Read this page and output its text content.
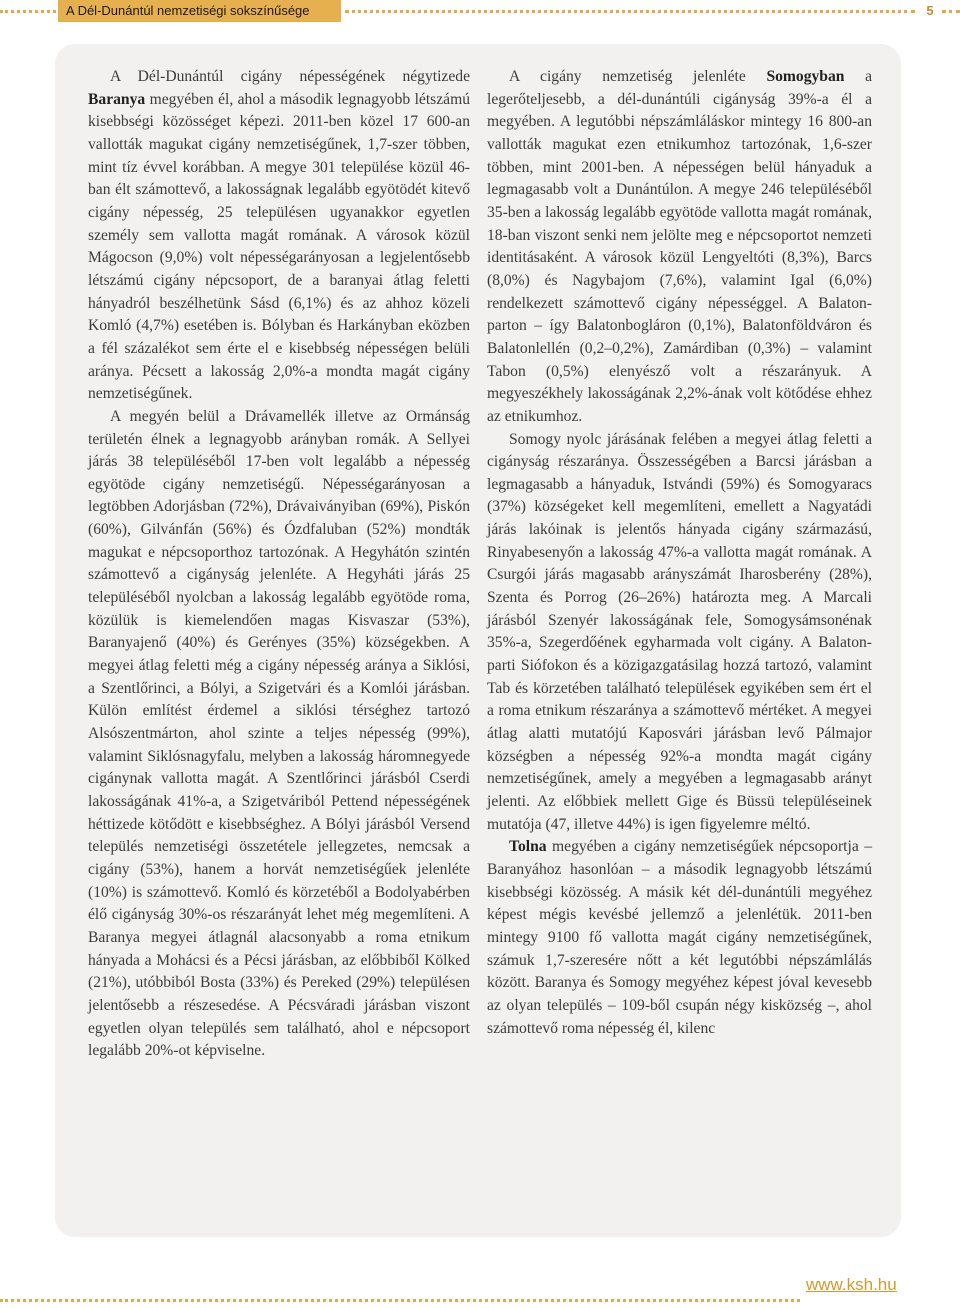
A Dél-Dunántúl nemzetiségi sokszínűsége	5

A Dél-Dunántúl cigány népességének négytizede Baranya megyében él, ahol a második legnagyobb létszámú kisebbségi közösséget képezi. 2011-ben közel 17 600-an vallották magukat cigány nemzetiségűnek, 1,7-szer többen, mint tíz évvel korábban. A megye 301 települése közül 46-ban élt számottevő, a lakosságnak legalább egyötödét kitevő cigány népesség, 25 településen ugyanakkor egyetlen személy sem vallotta magát romának. A városok közül Mágocson (9,0%) volt népességarányosan a legjelentősebb létszámú cigány népcsoport, de a baranyai átlag feletti hányadról beszélhetünk Sásd (6,1%) és az ahhoz közeli Komló (4,7%) esetében is. Bólyban és Harkányban eközben a fél százalékot sem érte el e kisebbség népességen belüli aránya. Pécsett a lakosság 2,0%-a mondta magát cigány nemzetiségűnek.

A megyén belül a Drávamellék illetve az Ormánság területén élnek a legnagyobb arányban romák. A Sellyei járás 38 településéből 17-ben volt legalább a népesség egyötöde cigány nemzetiségű. Népességarányosan a legtöbben Adorjásban (72%), Drávaiványiban (69%), Piskón (60%), Gilvánfán (56%) és Ózdfaluban (52%) mondták magukat e népcsoporthoz tartozónak. A Hegyhátón szintén számottevő a cigányság jelenléte. A Hegyháti járás 25 településéből nyolcban a lakosság legalább egyötöde roma, közülük is kiemelendően magas Kisvaszar (53%), Baranyajenő (40%) és Gerényes (35%) községekben. A megyei átlag feletti még a cigány népesség aránya a Siklósi, a Szentlőrinci, a Bólyi, a Szigetvári és a Komlói járásban. Külön említést érdemel a siklósi térséghez tartozó Alsószentmárton, ahol szinte a teljes népesség (99%), valamint Siklósnagyfalu, melyben a lakosság háromnegyede cigánynak vallotta magát. A Szentlőrinci járásból Cserdi lakosságának 41%-a, a Szigetváriból Pettend népességének héttizede kötődött e kisebbséghez. A Bólyi járásból Versend település nemzetiségi összetétele jellegzetes, nemcsak a cigány (53%), hanem a horvát nemzetiségűek jelenléte (10%) is számottevő. Komló és körzetéből a Bodolyabérben élő cigányság 30%-os részarányát lehet még megemlíteni. A Baranya megyei átlagnál alacsonyabb a roma etnikum hányada a Mohácsi és a Pécsi járásban, az előbbiből Kölked (21%), utóbbiból Bosta (33%) és Pereked (29%) településen jelentősebb a részesedése. A Pécsváradi járásban viszont egyetlen olyan település sem található, ahol e népcsoport legalább 20%-ot képviselne.

A cigány nemzetiség jelenléte Somogyban a legerőteljesebb, a dél-dunántúli cigányság 39%-a él a megyében. A legutóbbi népszámláláskor mintegy 16 800-an vallották magukat ezen etnikumhoz tartozónak, 1,6-szer többen, mint 2001-ben. A népességen belül hányaduk a legmagasabb volt a Dunántúlon. A megye 246 településéből 35-ben a lakosság legalább egyötöde vallotta magát romának, 18-ban viszont senki nem jelölte meg e népcsoportot nemzeti identitásaként. A városok közül Lengyeltóti (8,3%), Barcs (8,0%) és Nagybajom (7,6%), valamint Igal (6,0%) rendelkezett számottevő cigány népességgel. A Balaton-parton – így Balatonbogláron (0,1%), Balatonföldváron és Balatonlellén (0,2–0,2%), Zamárdiban (0,3%) – valamint Tabon (0,5%) elenyésző volt a részarányuk. A megyeszékhely lakosságának 2,2%-ának volt kötődése ehhez az etnikumhoz.

Somogy nyolc járásának felében a megyei átlag feletti a cigányság részaránya. Összességében a Barcsi járásban a legmagasabb a hányaduk, Istvándi (59%) és Somogyaracs (37%) községeket kell megemlíteni, emellett a Nagyatádi járás lakóinak is jelentős hányada cigány származású, Rinyabesenyőn a lakosság 47%-a vallotta magát romának. A Csurgói járás magasabb arányszámát Iharosberény (28%), Szenta és Porrog (26–26%) határozta meg. A Marcali járásból Szenyér lakosságának fele, Somogysámsonénak 35%-a, Szegerdőének egyharmada volt cigány. A Balaton-parti Siófokon és a közigazgatásilag hozzá tartozó, valamint Tab és körzetében található települések egyikében sem ért el a roma etnikum részaránya a számottevő mértéket. A megyei átlag alatti mutatójú Kaposvári járásban levő Pálmajor községben a népesség 92%-a mondta magát cigány nemzetiségűnek, amely a megyében a legmagasabb arányt jelenti. Az előbbiek mellett Gige és Büssü településeinek mutatója (47, illetve 44%) is igen figyelemre méltó.

Tolna megyében a cigány nemzetiségűek népcsoportja – Baranyához hasonlóan – a második legnagyobb létszámú kisebbségi közösség. A másik két dél-dunántúli megyéhez képest mégis kevésbé jellemző a jelenlétük. 2011-ben mintegy 9100 fő vallotta magát cigány nemzetiségűnek, számuk 1,7-szeresére nőtt a két legutóbbi népszámlálás között. Baranya és Somogy megyéhez képest jóval kevesebb az olyan település – 109-ből csupán négy kisközség –, ahol számottevő roma népesség él, kilenc

www.ksh.hu
